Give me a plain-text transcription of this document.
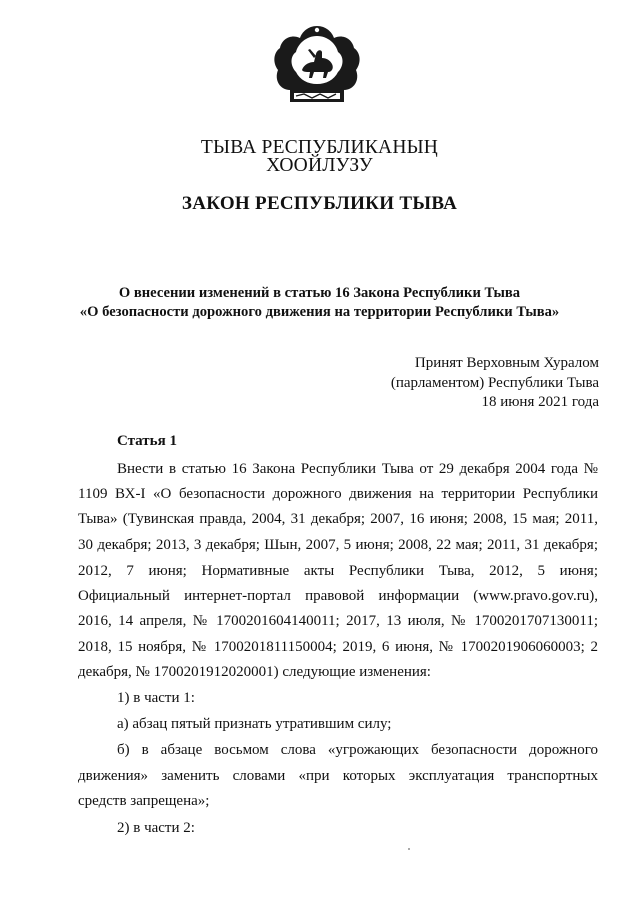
ТЫВА РЕСПУБЛИКАНЫҢ
ХООЙЛУЗУ
ЗАКОН РЕСПУБЛИКИ ТЫВА
О внесении изменений в статью 16 Закона Республики Тыва
«О безопасности дорожного движения на территории Республики Тыва»
Принят Верховным Хуралом
(парламентом) Республики Тыва
18 июня 2021 года
Статья 1
Внести в статью 16 Закона Республики Тыва от 29 декабря 2004 года №
1109 ВХ-I «О безопасности дорожного движения на территории Республики
Тыва» (Тувинская правда, 2004, 31 декабря; 2007, 16 июня; 2008, 15 мая; 2011,
30 декабря; 2013, 3 декабря; Шын, 2007, 5 июня; 2008, 22 мая; 2011, 31 декабря;
2012, 7 июня; Нормативные акты Республики Тыва, 2012, 5 июня;
Официальный интернет-портал правовой информации (www.pravo.gov.ru),
2016, 14 апреля, № 1700201604140011; 2017, 13 июля, № 1700201707130011;
2018, 15 ноября, № 1700201811150004; 2019, 6 июня, № 1700201906060003; 2
декабря, № 1700201912020001) следующие изменения:
1) в части 1:
а) абзац пятый признать утратившим силу;
б) в абзаце восьмом слова «угрожающих безопасности дорожного
движения» заменить словами «при которых эксплуатация транспортных
средств запрещена»;
2) в части 2:
